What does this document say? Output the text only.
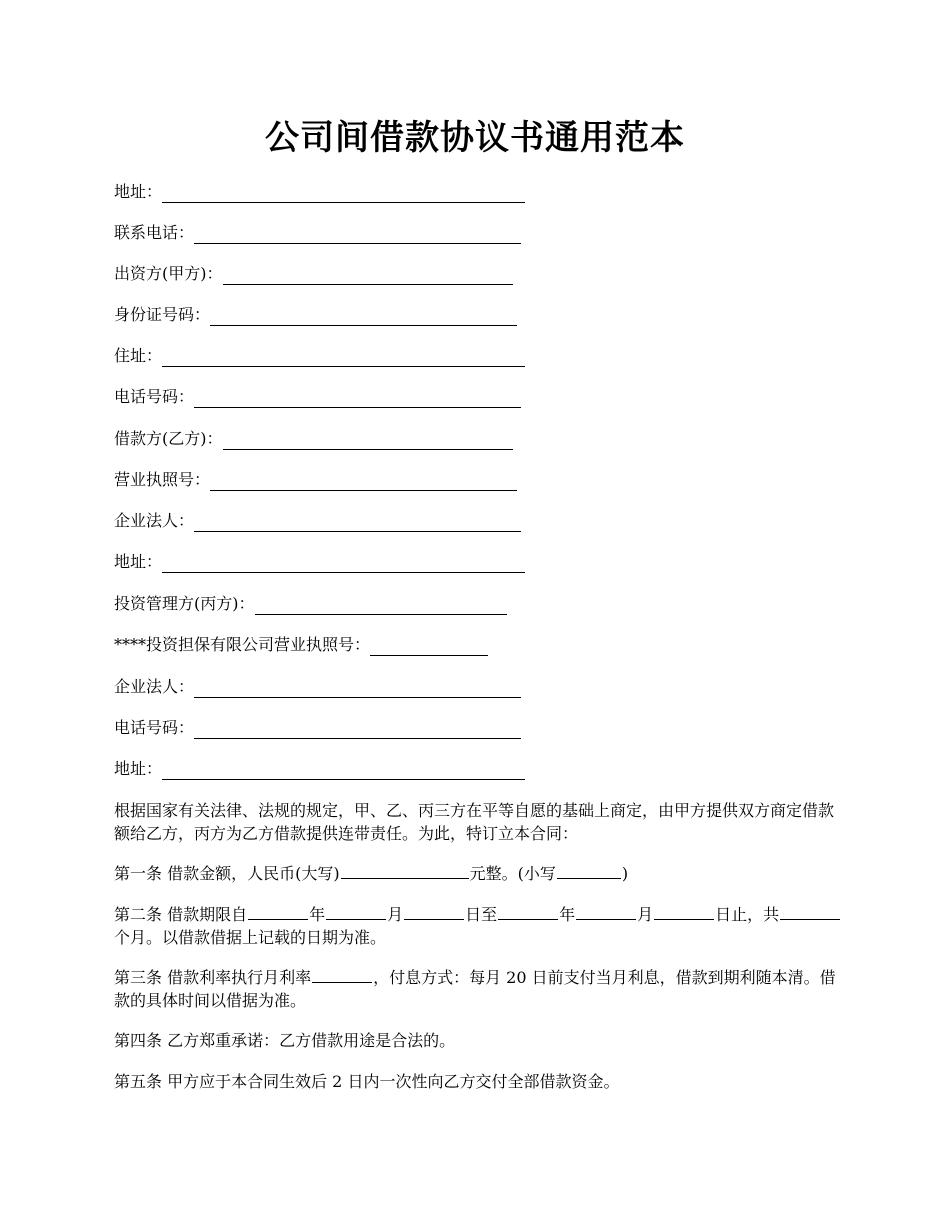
公司间借款协议书通用范本
地址：
联系电话：
出资方(甲方)：
身份证号码：
住址：
电话号码：
借款方(乙方)：
营业执照号：
企业法人：
地址：
投资管理方(丙方)：
****投资担保有限公司营业执照号：
企业法人：
电话号码：
地址：

根据国家有关法律、法规的规定，甲、乙、丙三方在平等自愿的基础上商定，由甲方提供双方商定借款额给乙方，丙方为乙方借款提供连带责任。为此，特订立本合同：

第一条 借款金额，人民币(大写)	元整。(小写	)

第二条 借款期限自	年	月	日至	年	月	日止，共个月。以借款借据上记载的日期为准。

第三条 借款利率执行月利率	，付息方式：每月 20 日前支付当月利息，借款到期利随本清。借款的具体时间以借据为准。

第四条 乙方郑重承诺：乙方借款用途是合法的。

第五条 甲方应于本合同生效后 2 日内一次性向乙方交付全部借款资金。
